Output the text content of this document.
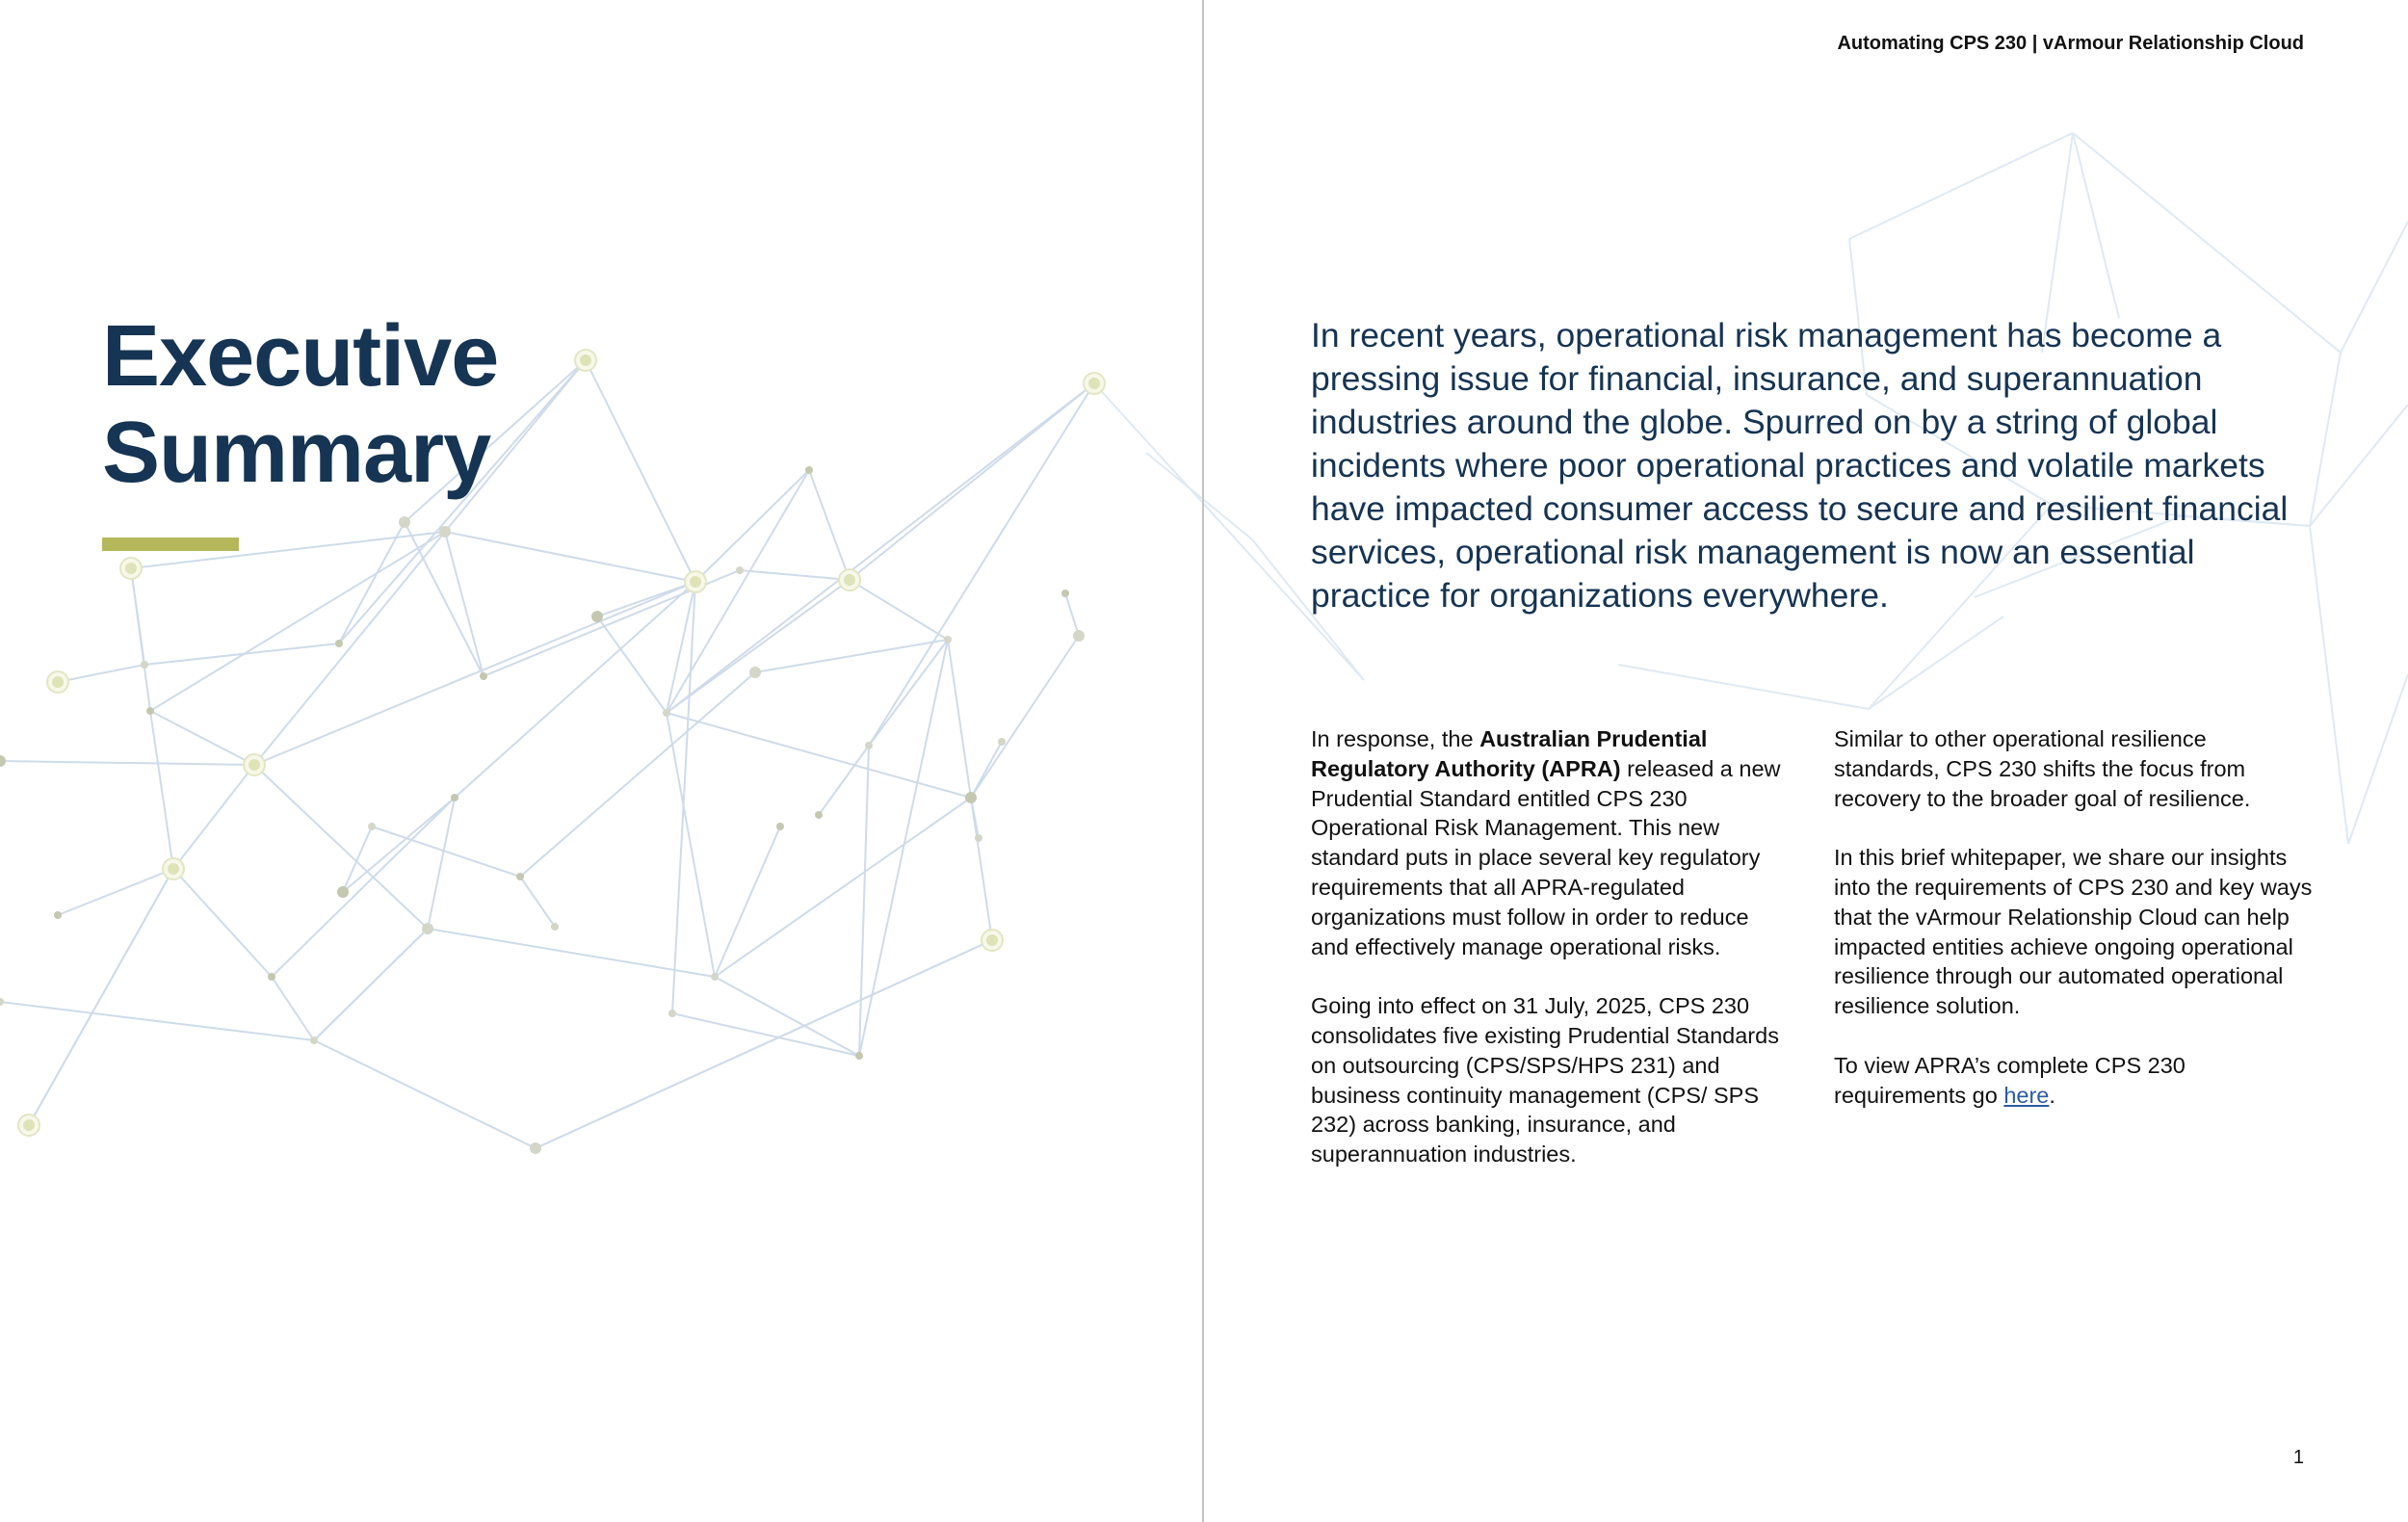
Automating CPS 230 | vArmour Relationship Cloud
Executive
Summary

In recent years, operational risk management has become a pressing issue for financial, insurance, and superannuation industries around the globe. Spurred on by a string of global incidents where poor operational practices and volatile markets have impacted consumer access to secure and resilient financial services, operational risk management is now an essential practice for organizations everywhere.

In response, the Australian Prudential Regulatory Authority (APRA) released a new Prudential Standard entitled CPS 230 Operational Risk Management. This new standard puts in place several key regulatory requirements that all APRA-regulated organizations must follow in order to reduce and effectively manage operational risks.

Going into effect on 31 July, 2025, CPS 230 consolidates five existing Prudential Standards on outsourcing (CPS/SPS/HPS 231) and business continuity management (CPS/ SPS 232) across banking, insurance, and superannuation industries.

Similar to other operational resilience standards, CPS 230 shifts the focus from recovery to the broader goal of resilience.

In this brief whitepaper, we share our insights into the requirements of CPS 230 and key ways that the vArmour Relationship Cloud can help impacted entities achieve ongoing operational resilience through our automated operational resilience solution.

To view APRA’s complete CPS 230 requirements go here.

1
